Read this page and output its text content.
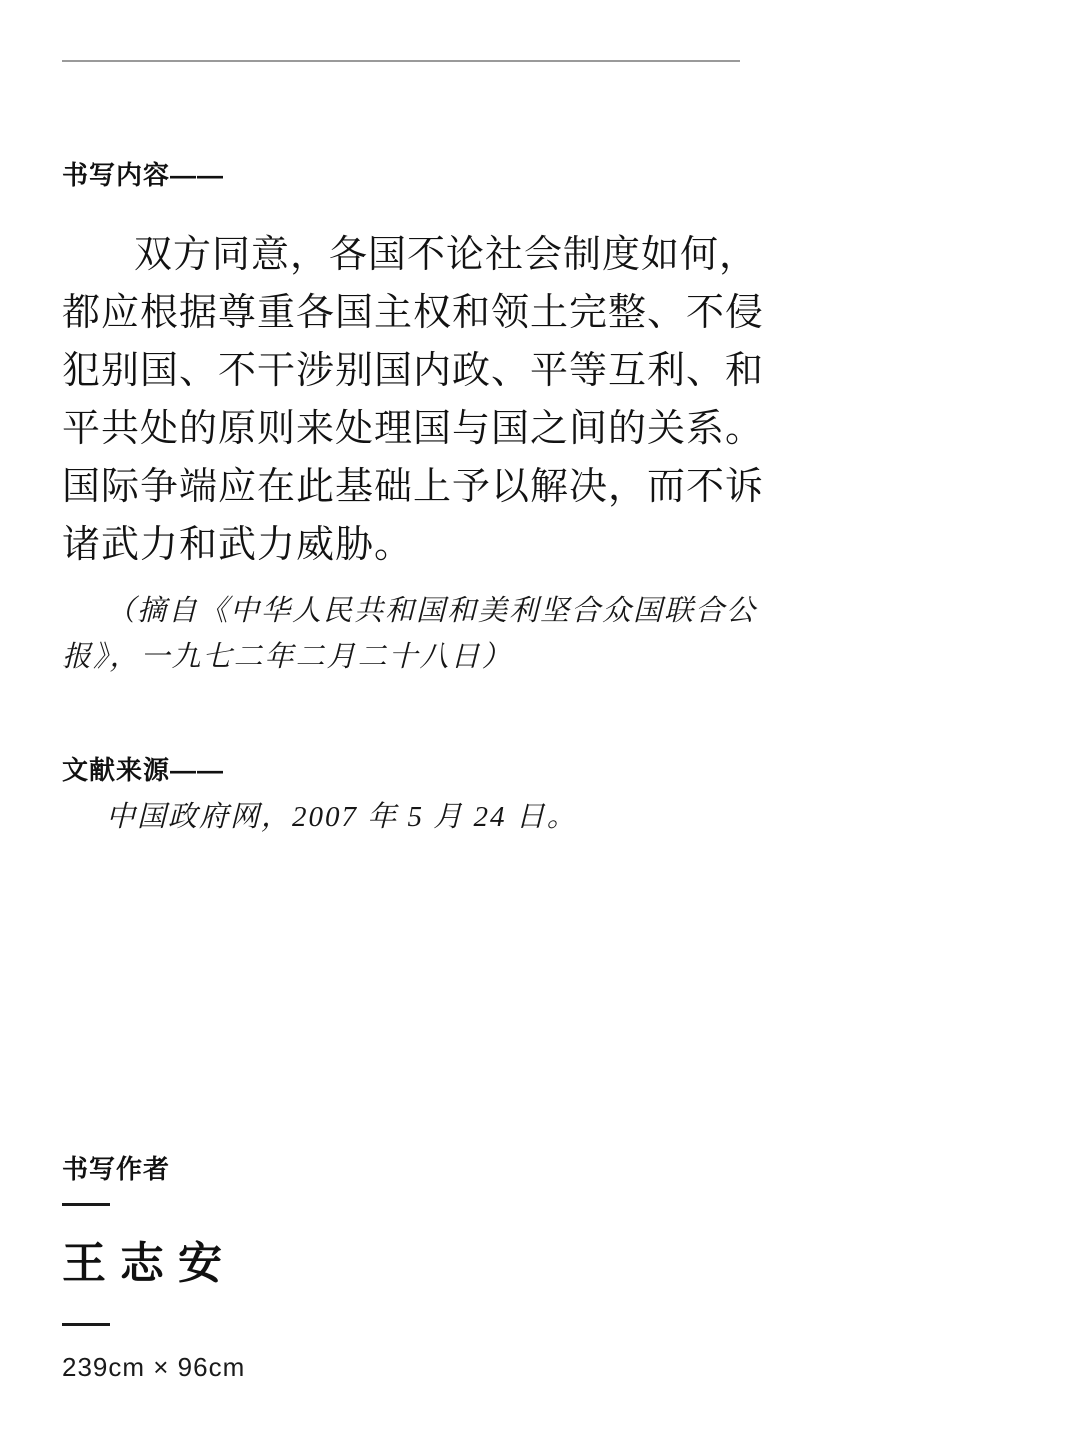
书写内容——
双方同意，各国不论社会制度如何，
都应根据尊重各国主权和领土完整、不侵
犯别国、不干涉别国内政、平等互利、和
平共处的原则来处理国与国之间的关系。
国际争端应在此基础上予以解决，而不诉
诸武力和武力威胁。
（摘自《中华人民共和国和美利坚合众国联合公
报》，一九七二年二月二十八日）
文献来源——
中国政府网，2007 年 5 月 24 日。
书写作者
王志安
239cm × 96cm
